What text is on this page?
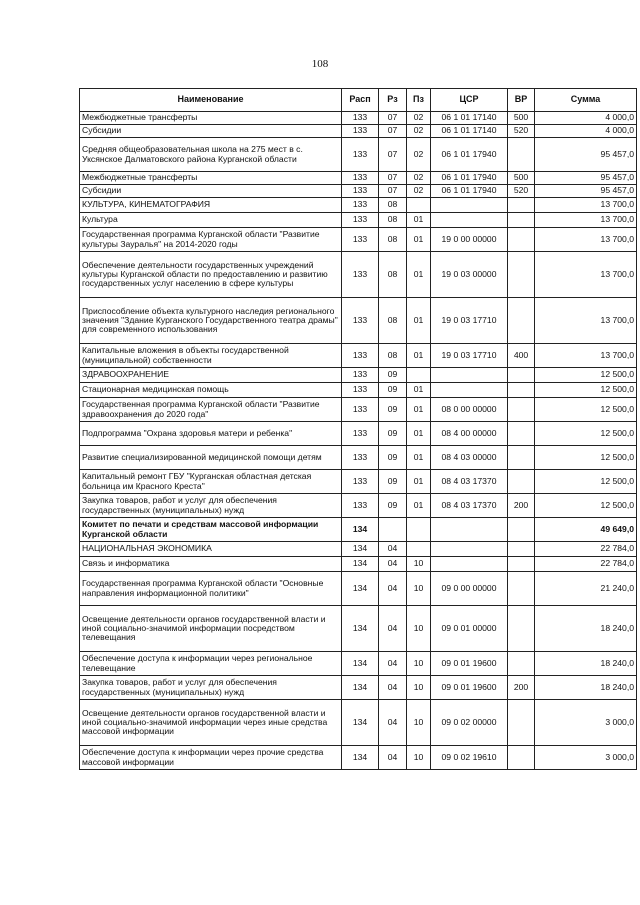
108
Наименование	Расп	Рз	Пз	ЦСР	ВР	Сумма
Межбюджетные трансферты	133	07	02	06 1 01 17140	500	4 000,0
Субсидии	133	07	02	06 1 01 17140	520	4 000,0
Средняя общеобразовательная школа на 275 мест в с. Уксянское Далматовского района Курганской области	133	07	02	06 1 01 17940		95 457,0
Межбюджетные трансферты	133	07	02	06 1 01 17940	500	95 457,0
Субсидии	133	07	02	06 1 01 17940	520	95 457,0
КУЛЬТУРА, КИНЕМАТОГРАФИЯ	133	08				13 700,0
Культура	133	08	01			13 700,0
Государственная программа Курганской области "Развитие культуры Зауралья" на 2014-2020 годы	133	08	01	19 0 00 00000		13 700,0
Обеспечение деятельности государственных учреждений культуры Курганской области по предоставлению и развитию государственных услуг населению в сфере культуры	133	08	01	19 0 03 00000		13 700,0
Приспособление объекта культурного наследия регионального значения "Здание Курганского Государственного театра драмы" для современного использования	133	08	01	19 0 03 17710		13 700,0
Капитальные вложения в объекты государственной (муниципальной) собственности	133	08	01	19 0 03 17710	400	13 700,0
ЗДРАВООХРАНЕНИЕ	133	09				12 500,0
Стационарная медицинская помощь	133	09	01			12 500,0
Государственная программа Курганской области "Развитие здравоохранения до 2020 года"	133	09	01	08 0 00 00000		12 500,0
Подпрограмма "Охрана здоровья матери и ребенка"	133	09	01	08 4 00 00000		12 500,0
Развитие специализированной медицинской помощи детям	133	09	01	08 4 03 00000		12 500,0
Капитальный ремонт ГБУ "Курганская областная детская больница им Красного Креста"	133	09	01	08 4 03 17370		12 500,0
Закупка товаров, работ и услуг для обеспечения государственных (муниципальных) нужд	133	09	01	08 4 03 17370	200	12 500,0
Комитет по печати и средствам массовой информации Курганской области	134					49 649,0
НАЦИОНАЛЬНАЯ ЭКОНОМИКА	134	04				22 784,0
Связь и информатика	134	04	10			22 784,0
Государственная программа Курганской области "Основные направления информационной политики"	134	04	10	09 0 00 00000		21 240,0
Освещение деятельности органов государственной власти и иной социально-значимой информации посредством телевещания	134	04	10	09 0 01 00000		18 240,0
Обеспечение доступа к информации через региональное телевещание	134	04	10	09 0 01 19600		18 240,0
Закупка товаров, работ и услуг для обеспечения государственных (муниципальных) нужд	134	04	10	09 0 01 19600	200	18 240,0
Освещение деятельности органов государственной власти и иной социально-значимой информации через иные средства массовой информации	134	04	10	09 0 02 00000		3 000,0
Обеспечение доступа к информации через прочие средства массовой информации	134	04	10	09 0 02 19610		3 000,0
